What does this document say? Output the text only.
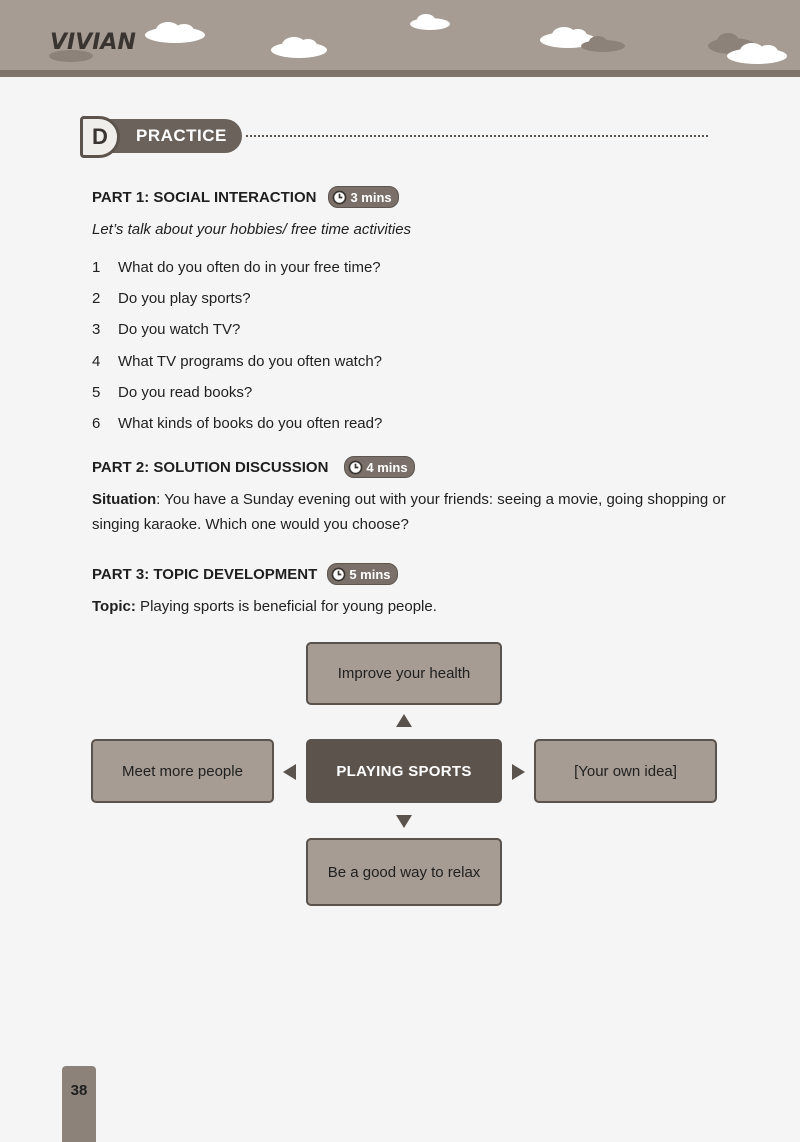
VIVIAN
PRACTICE
D
PART 1: SOCIAL INTERACTION	3 mins
Let’s talk about your hobbies/ free time activities
1	What do you often do in your free time?
2	Do you play sports?
3	Do you watch TV?
4	What TV programs do you often watch?
5	Do you read books?
6	What kinds of books do you often read?
PART 2: SOLUTION DISCUSSION	4 mins
Situation: You have a Sunday evening out with your friends: seeing a movie, going shopping or singing karaoke. Which one would you choose?
PART 3: TOPIC DEVELOPMENT 5 mins
Topic: Playing sports is beneficial for young people.
Improve your health
Meet more people	PLAYING SPORTS	[Your own idea]
Be a good way to relax
38
